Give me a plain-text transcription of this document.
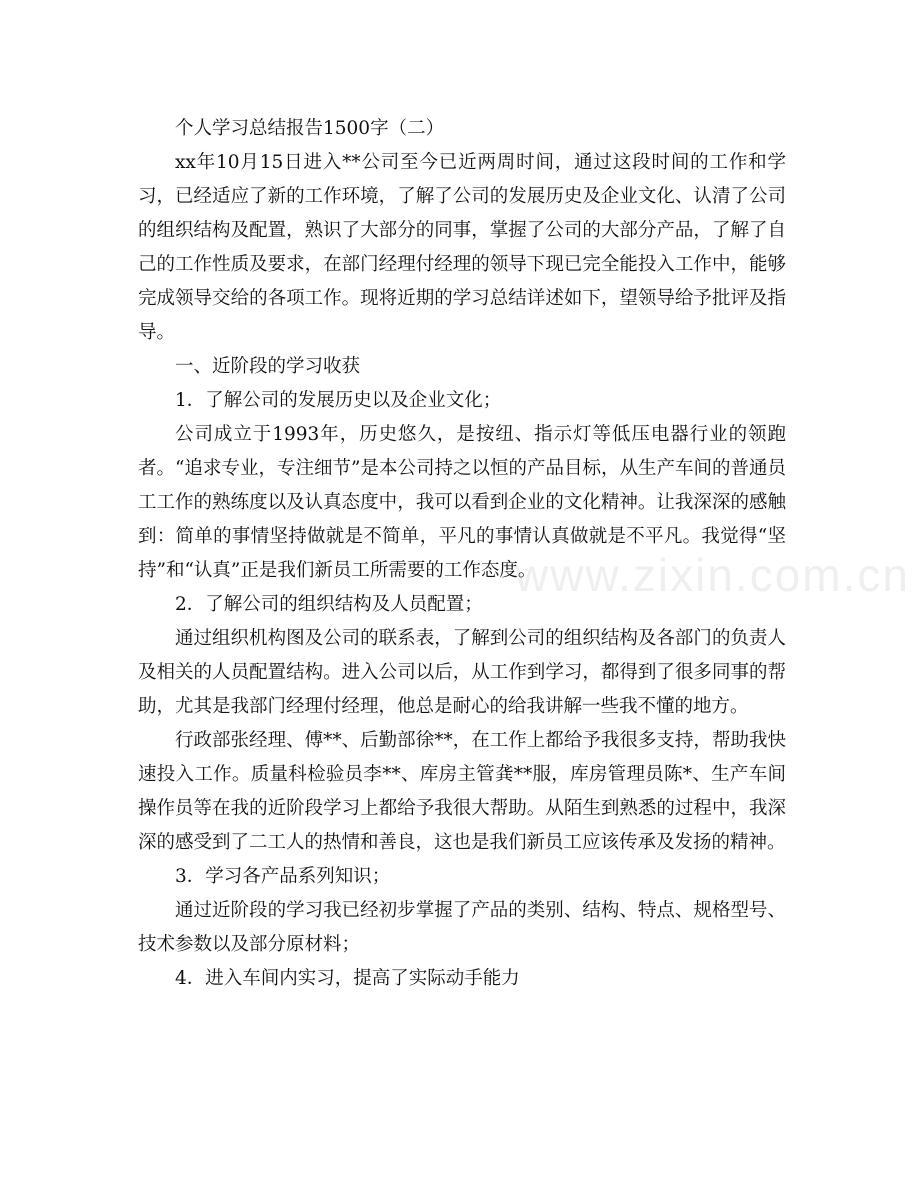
www.zixin.com.cn

个人学习总结报告1500字（二）

xx年10月15日进入**公司至今已近两周时间，通过这段时间的工作和学习，已经适应了新的工作环境，了解了公司的发展历史及企业文化、认清了公司的组织结构及配置，熟识了大部分的同事，掌握了公司的大部分产品，了解了自己的工作性质及要求，在部门经理付经理的领导下现已完全能投入工作中，能够完成领导交给的各项工作。现将近期的学习总结详述如下，望领导给予批评及指导。

一、近阶段的学习收获

1．了解公司的发展历史以及企业文化；

公司成立于1993年，历史悠久，是按纽、指示灯等低压电器行业的领跑者。“追求专业，专注细节”是本公司持之以恒的产品目标，从生产车间的普通员工工作的熟练度以及认真态度中，我可以看到企业的文化精神。让我深深的感触到：简单的事情坚持做就是不简单，平凡的事情认真做就是不平凡。我觉得“坚持”和“认真”正是我们新员工所需要的工作态度。

2．了解公司的组织结构及人员配置；

通过组织机构图及公司的联系表，了解到公司的组织结构及各部门的负责人及相关的人员配置结构。进入公司以后，从工作到学习，都得到了很多同事的帮助，尤其是我部门经理付经理，他总是耐心的给我讲解一些我不懂的地方。

行政部张经理、傅**、后勤部徐**，在工作上都给予我很多支持，帮助我快速投入工作。质量科检验员李**、库房主管龚**服，库房管理员陈*、生产车间操作员等在我的近阶段学习上都给予我很大帮助。从陌生到熟悉的过程中，我深深的感受到了二工人的热情和善良，这也是我们新员工应该传承及发扬的精神。

3．学习各产品系列知识；

通过近阶段的学习我已经初步掌握了产品的类别、结构、特点、规格型号、技术参数以及部分原材料；

4．进入车间内实习，提高了实际动手能力
